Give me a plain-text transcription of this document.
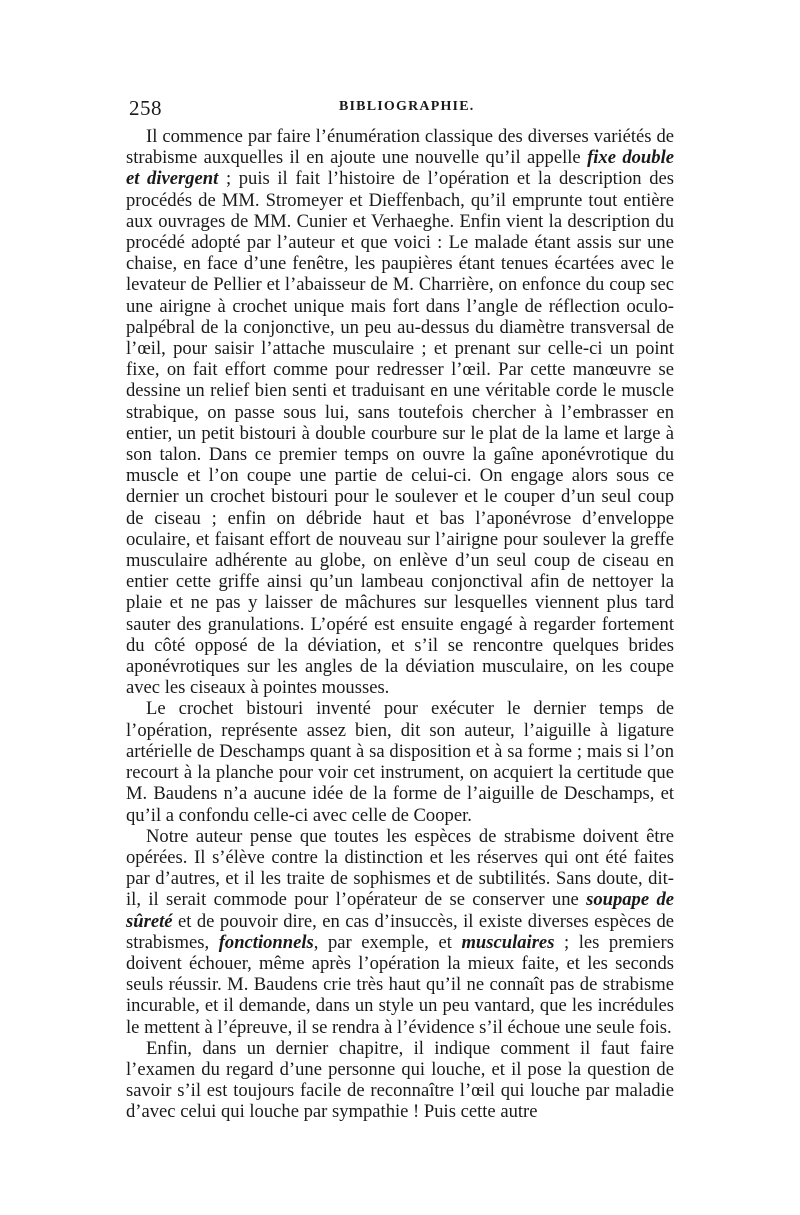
258	BIBLIOGRAPHIE.

Il commence par faire l’énumération classique des diverses variétés de strabisme auxquelles il en ajoute une nouvelle qu’il appelle fixe double et divergent ; puis il fait l’histoire de l’opération et la description des procédés de MM. Stromeyer et Dieffenbach, qu’il emprunte tout entière aux ouvrages de MM. Cunier et Verhaeghe. Enfin vient la description du procédé adopté par l’auteur et que voici : Le malade étant assis sur une chaise, en face d’une fenêtre, les paupières étant tenues écartées avec le levateur de Pellier et l’abaisseur de M. Charrière, on enfonce du coup sec une airigne à crochet unique mais fort dans l’angle de réflection oculo-palpébral de la conjonctive, un peu au-dessus du diamètre transversal de l’œil, pour saisir l’attache musculaire ; et prenant sur celle-ci un point fixe, on fait effort comme pour redresser l’œil. Par cette manœuvre se dessine un relief bien senti et traduisant en une véritable corde le muscle strabique, on passe sous lui, sans toutefois chercher à l’embrasser en entier, un petit bistouri à double courbure sur le plat de la lame et large à son talon. Dans ce premier temps on ouvre la gaîne aponévrotique du muscle et l’on coupe une partie de celui-ci. On engage alors sous ce dernier un crochet bistouri pour le soulever et le couper d’un seul coup de ciseau ; enfin on débride haut et bas l’aponévrose d’enveloppe oculaire, et faisant effort de nouveau sur l’airigne pour soulever la greffe musculaire adhérente au globe, on enlève d’un seul coup de ciseau en entier cette griffe ainsi qu’un lambeau conjonctival afin de nettoyer la plaie et ne pas y laisser de mâchures sur lesquelles viennent plus tard sauter des granulations. L’opéré est ensuite engagé à regarder fortement du côté opposé de la déviation, et s’il se rencontre quelques brides aponévrotiques sur les angles de la déviation musculaire, on les coupe avec les ciseaux à pointes mousses.

Le crochet bistouri inventé pour exécuter le dernier temps de l’opération, représente assez bien, dit son auteur, l’aiguille à ligature artérielle de Deschamps quant à sa disposition et à sa forme ; mais si l’on recourt à la planche pour voir cet instrument, on acquiert la certitude que M. Baudens n’a aucune idée de la forme de l’aiguille de Deschamps, et qu’il a confondu celle-ci avec celle de Cooper.

Notre auteur pense que toutes les espèces de strabisme doivent être opérées. Il s’élève contre la distinction et les réserves qui ont été faites par d’autres, et il les traite de sophismes et de subtilités. Sans doute, dit-il, il serait commode pour l’opérateur de se conserver une soupape de sûreté et de pouvoir dire, en cas d’insuccès, il existe diverses espèces de strabismes, fonctionnels, par exemple, et musculaires ; les premiers doivent échouer, même après l’opération la mieux faite, et les seconds seuls réussir. M. Baudens crie très haut qu’il ne connaît pas de strabisme incurable, et il demande, dans un style un peu vantard, que les incrédules le mettent à l’épreuve, il se rendra à l’évidence s’il échoue une seule fois.

Enfin, dans un dernier chapitre, il indique comment il faut faire l’examen du regard d’une personne qui louche, et il pose la question de savoir s’il est toujours facile de reconnaître l’œil qui louche par maladie d’avec celui qui louche par sympathie ! Puis cette autre
